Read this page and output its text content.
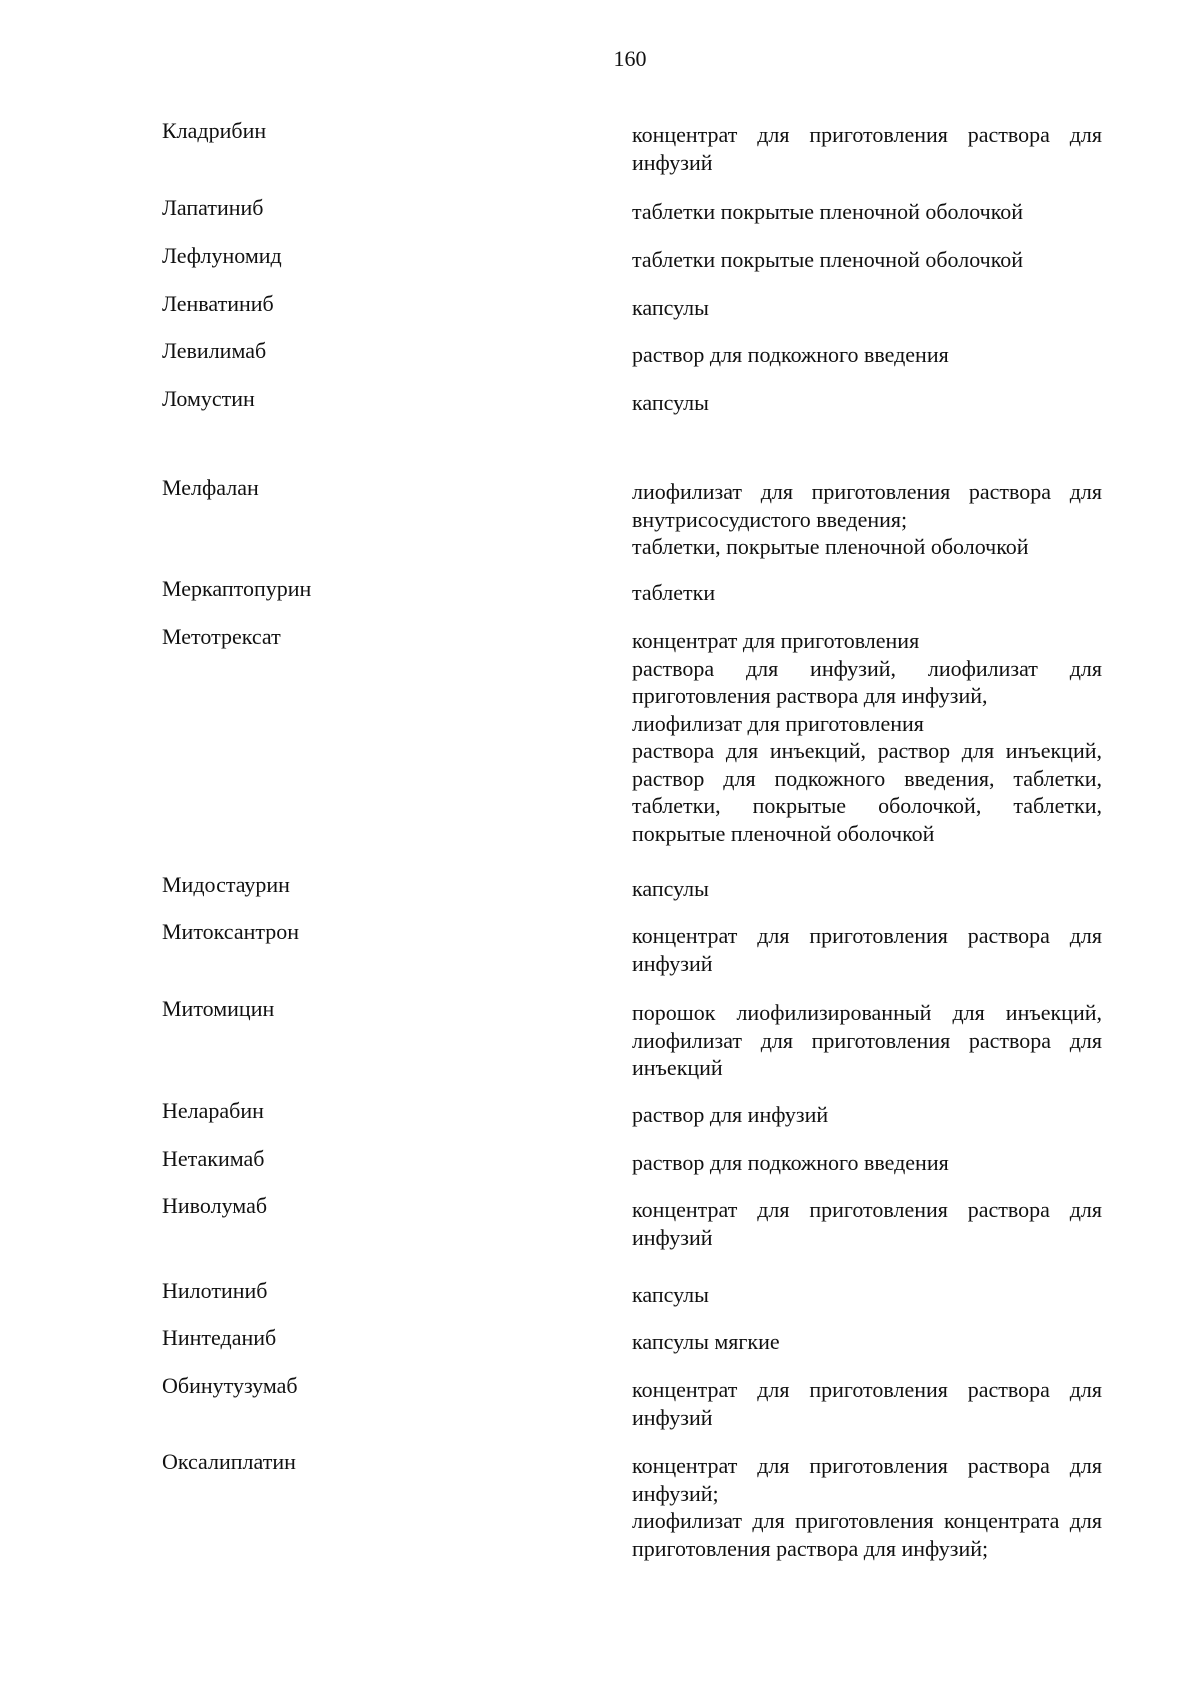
160
Кладрибин	концентрат для приготовления раствора для инфузий
Лапатиниб	таблетки покрытые пленочной оболочкой
Лефлуномид	таблетки покрытые пленочной оболочкой
Ленватиниб	капсулы
Левилимаб	раствор для подкожного введения
Ломустин	капсулы
Мелфалан	лиофилизат для приготовления раствора для внутрисосудистого введения;
таблетки, покрытые пленочной оболочкой
Меркаптопурин	таблетки
Метотрексат	концентрат для приготовления
раствора для инфузий, лиофилизат для приготовления раствора для инфузий,
лиофилизат для приготовления
раствора для инъекций, раствор для инъекций, раствор для подкожного введения, таблетки, таблетки, покрытые оболочкой, таблетки, покрытые пленочной оболочкой
Мидостаурин	капсулы
Митоксантрон	концентрат для приготовления раствора для инфузий
Митомицин	порошок лиофилизированный для инъекций, лиофилизат для приготовления раствора для инъекций
Неларабин	раствор для инфузий
Нетакимаб	раствор для подкожного введения
Ниволумаб	концентрат для приготовления раствора для инфузий
Нилотиниб	капсулы
Нинтеданиб	капсулы мягкие
Обинутузумаб	концентрат для приготовления раствора для инфузий
Оксалиплатин	концентрат для приготовления раствора для инфузий;
лиофилизат для приготовления концентрата для приготовления раствора для инфузий;
